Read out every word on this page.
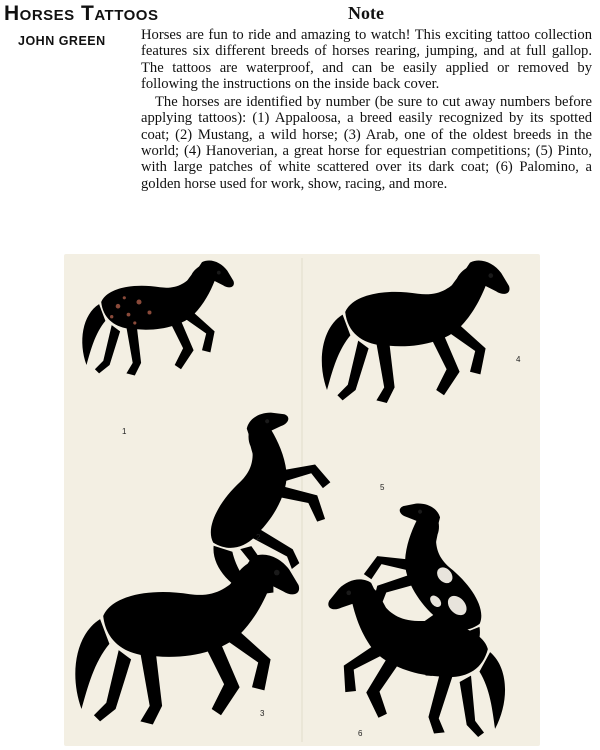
Horses Tattoos	Note
JOHN GREEN Horses are fun to ride and amazing to watch! This exciting tattoo collection features six different breeds of horses rearing, jumping, and at full gallop. The tattoos are waterproof, and can be easily applied or removed by following the instructions on the inside back cover.

The horses are identified by number (be sure to cut away numbers before applying tattoos): (1) Appaloosa, a breed easily recognized by its spotted coat; (2) Mustang, a wild horse; (3) Arab, one of the oldest breeds in the world; (4) Hanoverian, a great horse for equestrian competitions; (5) Pinto, with large patches of white scattered over its dark coat; (6) Palomino, a golden horse used for work, show, racing, and more.

1
4
2
5
3
6
